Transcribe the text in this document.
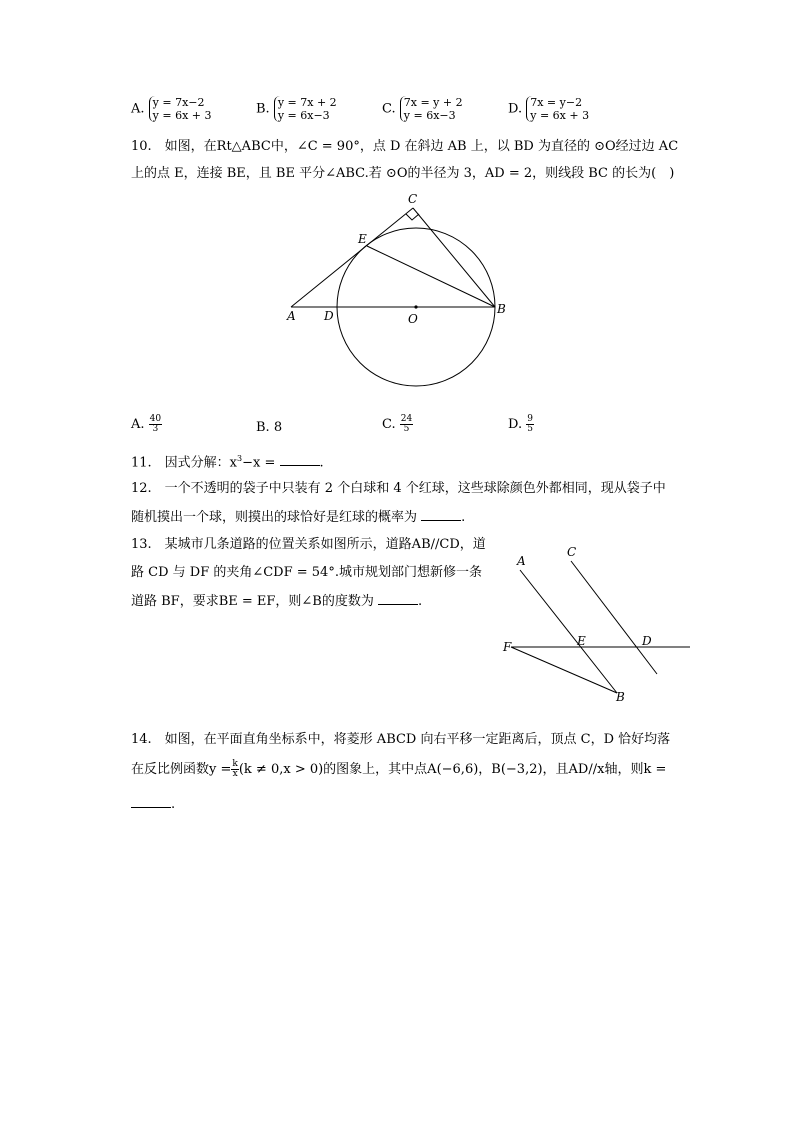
A. y = 7x−2
y = 6x + 3	B. y = 7x + 2
y = 6x−3	C. 7x = y + 2
y = 6x−3	D. 7x = y−2
y = 6x + 3
10.　如图，在Rt△ABC中，∠C = 90°，点 D 在斜边 AB 上，以 BD 为直径的 ⊙O经过边 AC
上的点 E，连接 BE，且 BE 平分∠ABC.若 ⊙O的半径为 3，AD = 2，则线段 BC 的长为(　)
C
E
A D	O
B
A. $\frac{40}{3}$	B. 8	C. $\frac{24}{5}$	D. $\frac{9}{5}$
11.　因式分解：$x^3-x$ =	.
12.　一个不透明的袋子中只装有 2 个白球和 4 个红球，这些球除颜色外都相同，现从袋子中
随机摸出一个球，则摸出的球恰好是红球的概率为	.
13.　某城市几条道路的位置关系如图所示，道路AB//CD，道
路 CD 与 DF 的夹角∠CDF = 54°.城市规划部门想新修一条
道路 BF，要求BE = EF，则∠B的度数为	.
A
C
F	E	D
B
14.　如图，在平面直角坐标系中，将菱形 ABCD 向右平移一定距离后，顶点 C，D 恰好均落
在反比例函数$y = \frac{k}{x}(k \ne 0,x > 0)$的图象上，其中点A(−6,6)，B(−3,2)，且AD//x轴，则k =
.
